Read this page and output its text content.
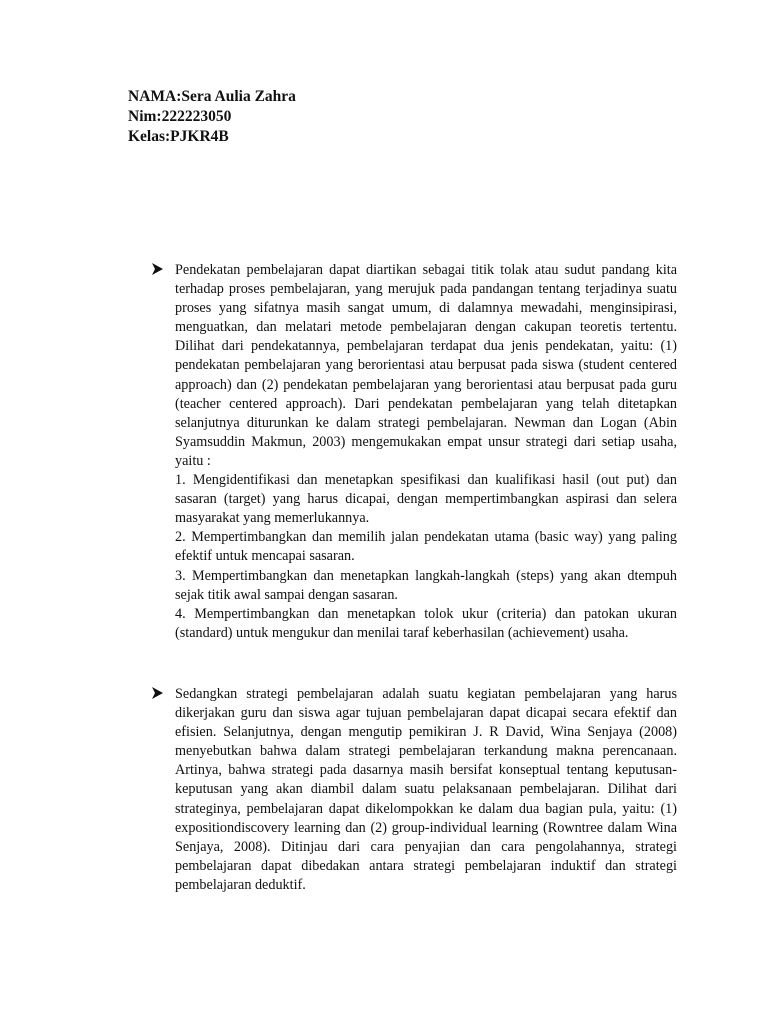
NAMA:Sera Aulia Zahra
Nim:222223050
Kelas:PJKR4B

Pendekatan pembelajaran dapat diartikan sebagai titik tolak atau sudut pandang kita terhadap proses pembelajaran, yang merujuk pada pandangan tentang terjadinya suatu proses yang sifatnya masih sangat umum, di dalamnya mewadahi, menginsipirasi, menguatkan, dan melatari metode pembelajaran dengan cakupan teoretis tertentu. Dilihat dari pendekatannya, pembelajaran terdapat dua jenis pendekatan, yaitu: (1) pendekatan pembelajaran yang berorientasi atau berpusat pada siswa (student centered approach) dan (2) pendekatan pembelajaran yang berorientasi atau berpusat pada guru (teacher centered approach). Dari pendekatan pembelajaran yang telah ditetapkan selanjutnya diturunkan ke dalam strategi pembelajaran. Newman dan Logan (Abin Syamsuddin Makmun, 2003) mengemukakan empat unsur strategi dari setiap usaha, yaitu :

1. Mengidentifikasi dan menetapkan spesifikasi dan kualifikasi hasil (out put) dan sasaran (target) yang harus dicapai, dengan mempertimbangkan aspirasi dan selera masyarakat yang memerlukannya.

2. Mempertimbangkan dan memilih jalan pendekatan utama (basic way) yang paling efektif untuk mencapai sasaran.

3. Mempertimbangkan dan menetapkan langkah-langkah (steps) yang akan dtempuh sejak titik awal sampai dengan sasaran.

4. Mempertimbangkan dan menetapkan tolok ukur (criteria) dan patokan ukuran (standard) untuk mengukur dan menilai taraf keberhasilan (achievement) usaha.

Sedangkan strategi pembelajaran adalah suatu kegiatan pembelajaran yang harus dikerjakan guru dan siswa agar tujuan pembelajaran dapat dicapai secara efektif dan efisien. Selanjutnya, dengan mengutip pemikiran J. R David, Wina Senjaya (2008) menyebutkan bahwa dalam strategi pembelajaran terkandung makna perencanaan. Artinya, bahwa strategi pada dasarnya masih bersifat konseptual tentang keputusan-keputusan yang akan diambil dalam suatu pelaksanaan pembelajaran. Dilihat dari strateginya, pembelajaran dapat dikelompokkan ke dalam dua bagian pula, yaitu: (1) expositiondiscovery learning dan (2) group-individual learning (Rowntree dalam Wina Senjaya, 2008). Ditinjau dari cara penyajian dan cara pengolahannya, strategi pembelajaran dapat dibedakan antara strategi pembelajaran induktif dan strategi pembelajaran deduktif.
